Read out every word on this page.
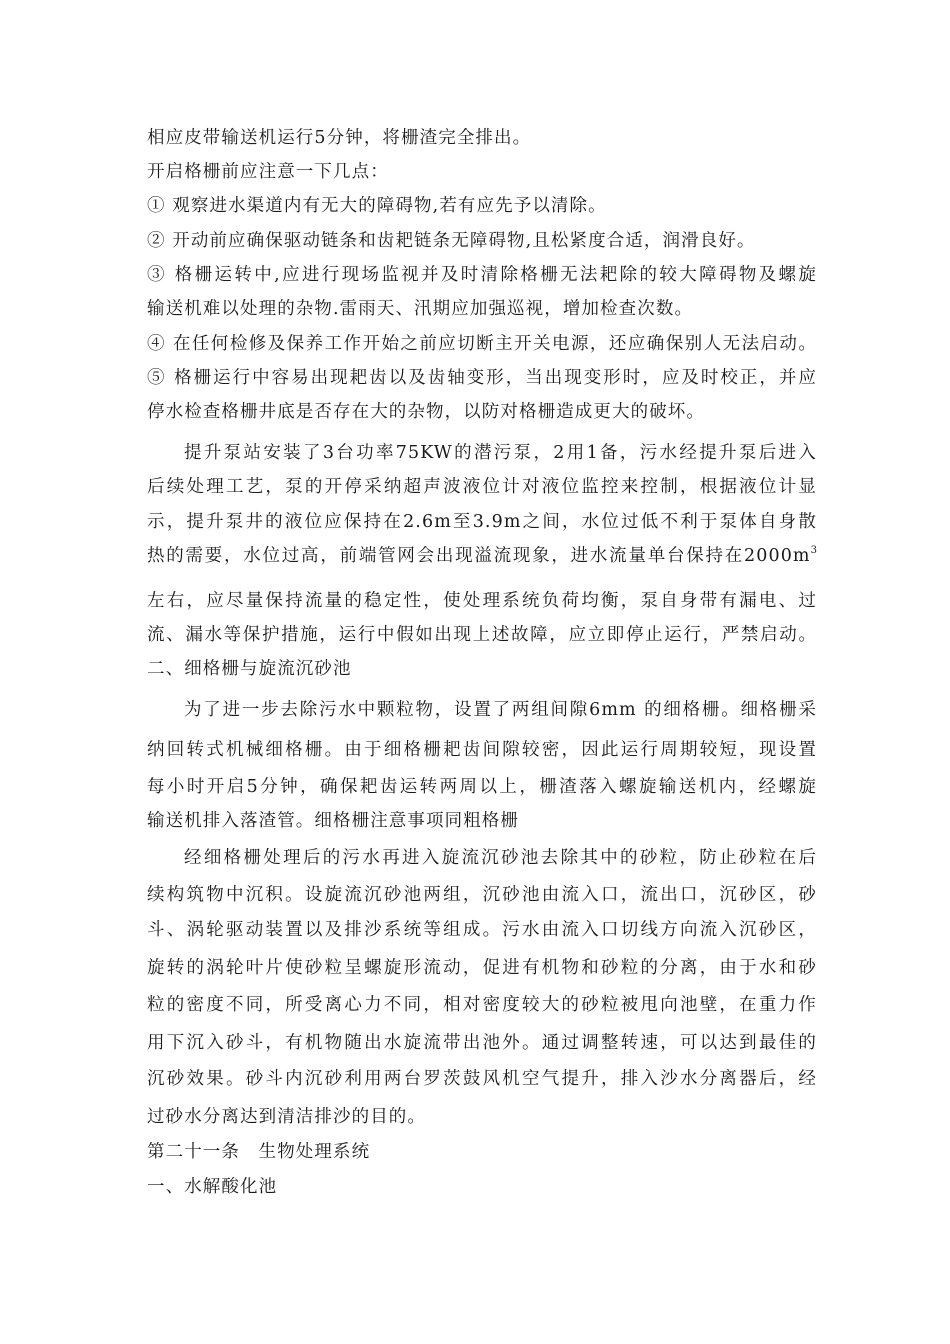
相应皮带输送机运行5分钟，将栅渣完全排出。
开启格栅前应注意一下几点：
① 观察进水渠道内有无大的障碍物,若有应先予以清除。
② 开动前应确保驱动链条和齿耙链条无障碍物,且松紧度合适，润滑良好。
③ 格栅运转中,应进行现场监视并及时清除格栅无法耙除的较大障碍物及螺旋
输送机难以处理的杂物.雷雨天、汛期应加强巡视，增加检查次数。
④ 在任何检修及保养工作开始之前应切断主开关电源，还应确保别人无法启动。
⑤ 格栅运行中容易出现耙齿以及齿轴变形，当出现变形时，应及时校正，并应
停水检查格栅井底是否存在大的杂物，以防对格栅造成更大的破坏。
提升泵站安装了3台功率75KW的潜污泵，2用1备，污水经提升泵后进入
后续处理工艺，泵的开停采纳超声波液位计对液位监控来控制，根据液位计显
示，提升泵井的液位应保持在2.6m至3.9m之间，水位过低不利于泵体自身散
热的需要，水位过高，前端管网会出现溢流现象，进水流量单台保持在$2000m^3$
左右，应尽量保持流量的稳定性，使处理系统负荷均衡，泵自身带有漏电、过
流、漏水等保护措施，运行中假如出现上述故障，应立即停止运行，严禁启动。
二、细格栅与旋流沉砂池
为了进一步去除污水中颗粒物，设置了两组间隙6mm 的细格栅。细格栅采
纳回转式机械细格栅。由于细格栅耙齿间隙较密，因此运行周期较短，现设置
每小时开启5分钟，确保耙齿运转两周以上，栅渣落入螺旋输送机内，经螺旋
输送机排入落渣管。细格栅注意事项同粗格栅
经细格栅处理后的污水再进入旋流沉砂池去除其中的砂粒，防止砂粒在后
续构筑物中沉积。设旋流沉砂池两组，沉砂池由流入口，流出口，沉砂区，砂
斗、涡轮驱动装置以及排沙系统等组成。污水由流入口切线方向流入沉砂区，
旋转的涡轮叶片使砂粒呈螺旋形流动，促进有机物和砂粒的分离，由于水和砂
粒的密度不同，所受离心力不同，相对密度较大的砂粒被甩向池壁，在重力作
用下沉入砂斗，有机物随出水旋流带出池外。通过调整转速，可以达到最佳的
沉砂效果。砂斗内沉砂利用两台罗茨鼓风机空气提升，排入沙水分离器后，经
过砂水分离达到清洁排沙的目的。
第二十一条　生物处理系统
一、水解酸化池
